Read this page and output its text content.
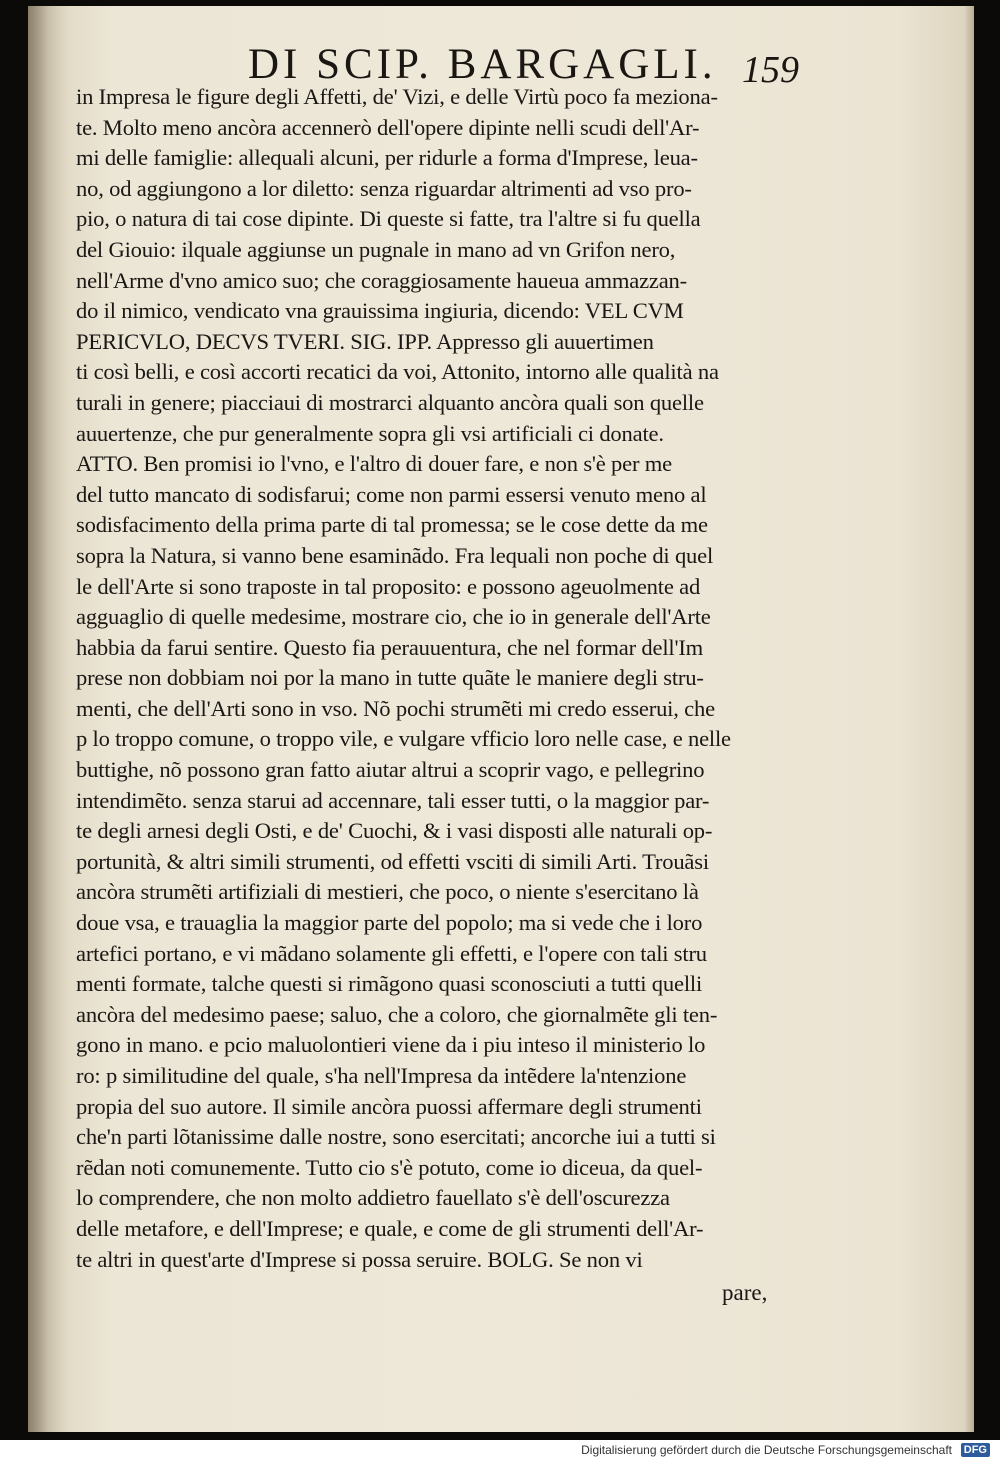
DI SCIP. BARGAGLI. 159
in Impresa le figure degli Affetti, de' Vizi, e delle Virtù poco fa meziona-
te. Molto meno ancòra accennerò dell'opere dipinte nelli scudi dell'Ar-
mi delle famiglie: allequali alcuni, per ridurle a forma d'Imprese, leua-
no, od aggiungono a lor diletto: senza riguardar altrimenti ad vso pro-
pio, o natura di tai cose dipinte. Di queste si fatte, tra l'altre si fu quella
del Giouio: ilquale aggiunse un pugnale in mano ad vn Grifon nero,
nell'Arme d'vno amico suo; che coraggiosamente haueua ammazzan-
do il nimico, vendicato vna grauissima ingiuria, dicendo: VEL CVM
PERICVLO, DECVS TVERI. SIG. IPP. Appresso gli auuertimen
ti così belli, e così accorti recatici da voi, Attonito, intorno alle qualità na
turali in genere; piacciaui di mostrarci alquanto ancòra quali son quelle
auuertenze, che pur generalmente sopra gli vsi artificiali ci donate.
ATTO. Ben promisi io l'vno, e l'altro di douer fare, e non s'è per me
del tutto mancato di sodisfarui; come non parmi essersi venuto meno al
sodisfacimento della prima parte di tal promessa; se le cose dette da me
sopra la Natura, si vanno bene esaminãdo. Fra lequali non poche di quel
le dell'Arte si sono traposte in tal proposito: e possono ageuolmente ad
agguaglio di quelle medesime, mostrare cio, che io in generale dell'Arte
habbia da farui sentire. Questo fia perauuentura, che nel formar dell'Im
prese non dobbiam noi por la mano in tutte quãte le maniere degli stru-
menti, che dell'Arti sono in vso. Nõ pochi strumẽti mi credo esserui, che
p lo troppo comune, o troppo vile, e vulgare vfficio loro nelle case, e nelle
buttighe, nõ possono gran fatto aiutar altrui a scoprir vago, e pellegrino
intendimẽto. senza starui ad accennare, tali esser tutti, o la maggior par-
te degli arnesi degli Osti, e de' Cuochi, & i vasi disposti alle naturali op-
portunità, & altri simili strumenti, od effetti vsciti di simili Arti. Trouãsi
ancòra strumẽti artifiziali di mestieri, che poco, o niente s'esercitano là
doue vsa, e trauaglia la maggior parte del popolo; ma si vede che i loro
artefici portano, e vi mãdano solamente gli effetti, e l'opere con tali stru
menti formate, talche questi si rimãgono quasi sconosciuti a tutti quelli
ancòra del medesimo paese; saluo, che a coloro, che giornalmẽte gli ten-
gono in mano. e pcio maluolontieri viene da i piu inteso il ministerio lo
ro: p similitudine del quale, s'ha nell'Impresa da intẽdere la'ntenzione
propia del suo autore. Il simile ancòra puossi affermare degli strumenti
che'n parti lõtanissime dalle nostre, sono esercitati; ancorche iui a tutti si
rẽdan noti comunemente. Tutto cio s'è potuto, come io diceua, da quel-
lo comprendere, che non molto addietro fauellato s'è dell'oscurezza
delle metafore, e dell'Imprese; e quale, e come de gli strumenti dell'Ar-
te altri in quest'arte d'Imprese si possa seruire. BOLG. Se non vi
pare,
Digitalisierung gefördert durch die Deutsche Forschungsgemeinschaft DFG
